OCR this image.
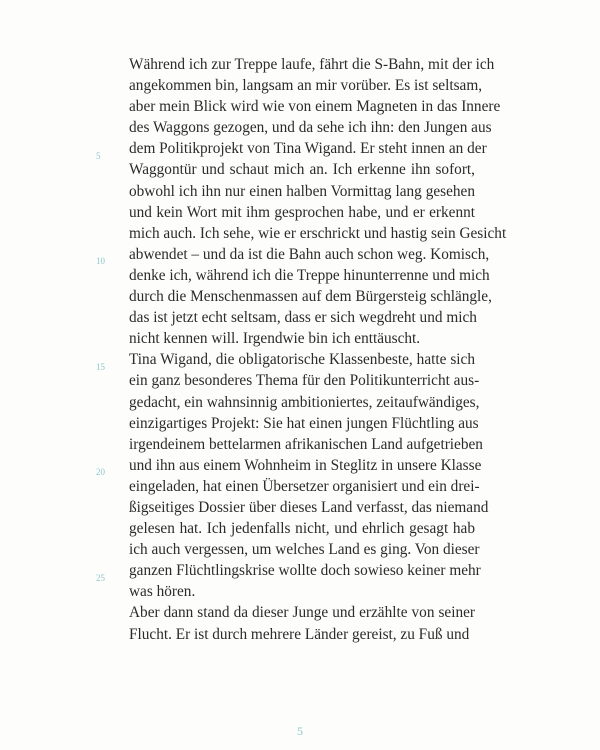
Während ich zur Treppe laufe, fährt die S-Bahn, mit der ich
angekommen bin, langsam an mir vorüber. Es ist seltsam,
aber mein Blick wird wie von einem Magneten in das Innere
des Waggons gezogen, und da sehe ich ihn: den Jungen aus
dem Politikprojekt von Tina Wigand. Er steht innen an der
Waggontür und schaut mich an. Ich erkenne ihn sofort,
obwohl ich ihn nur einen halben Vormittag lang gesehen
und kein Wort mit ihm gesprochen habe, und er erkennt
mich auch. Ich sehe, wie er erschrickt und hastig sein Gesicht
abwendet – und da ist die Bahn auch schon weg. Komisch,
denke ich, während ich die Treppe hinunterrenne und mich
durch die Menschenmassen auf dem Bürgersteig schlängle,
das ist jetzt echt seltsam, dass er sich wegdreht und mich
nicht kennen will. Irgendwie bin ich enttäuscht.
Tina Wigand, die obligatorische Klassenbeste, hatte sich
ein ganz besonderes Thema für den Politikunterricht aus-
gedacht, ein wahnsinnig ambitioniertes, zeitaufwändiges,
einzigartiges Projekt: Sie hat einen jungen Flüchtling aus
irgendeinem bettelarmen afrikanischen Land aufgetrieben
und ihn aus einem Wohnheim in Steglitz in unsere Klasse
eingeladen, hat einen Übersetzer organisiert und ein drei-
ßigseitiges Dossier über dieses Land verfasst, das niemand
gelesen hat. Ich jedenfalls nicht, und ehrlich gesagt hab
ich auch vergessen, um welches Land es ging. Von dieser
ganzen Flüchtlingskrise wollte doch sowieso keiner mehr
was hören.
Aber dann stand da dieser Junge und erzählte von seiner
Flucht. Er ist durch mehrere Länder gereist, zu Fuß und
5
10
15
20
25
5
